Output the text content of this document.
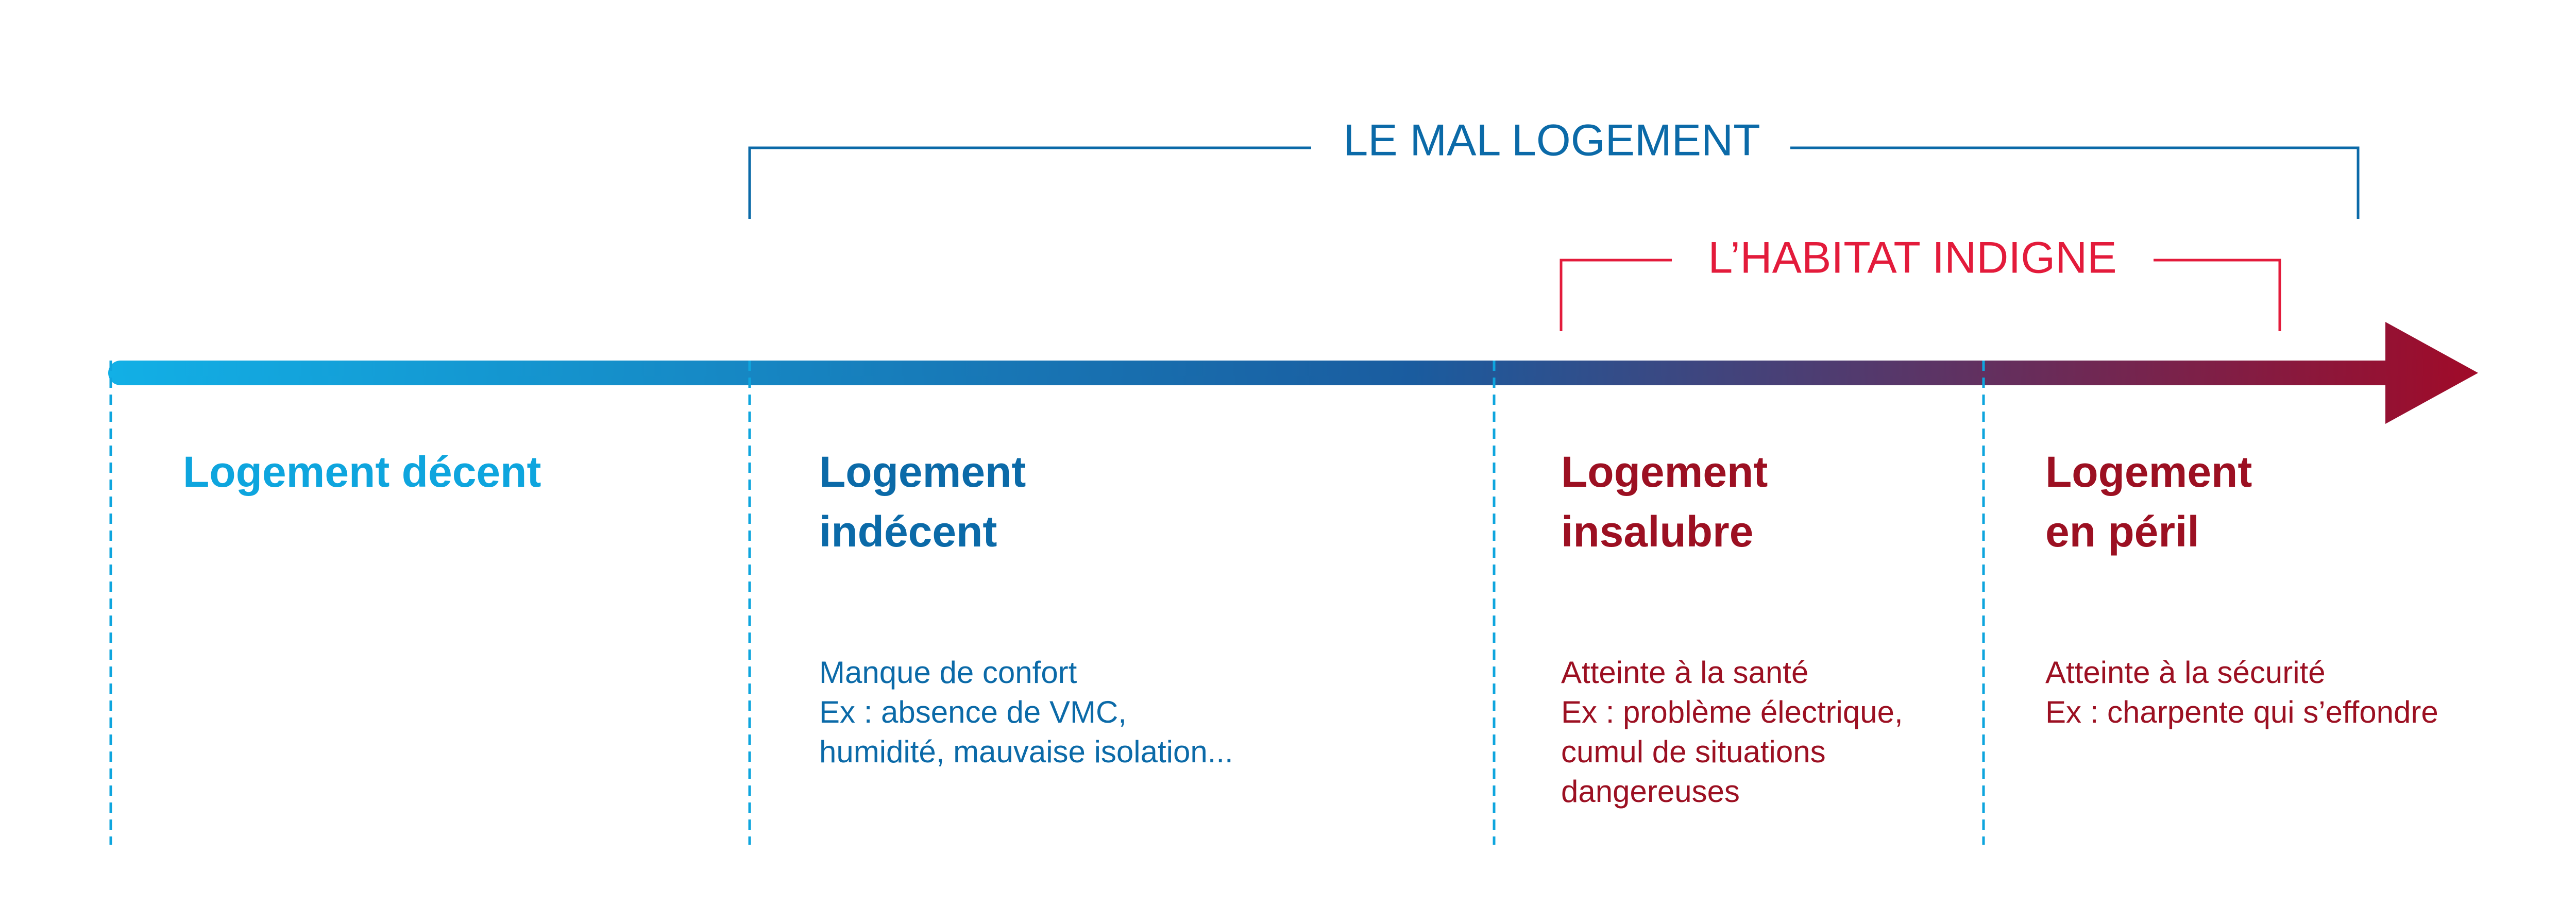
LE MAL LOGEMENT
L’HABITAT INDIGNE
Logement décent	Logement
indécent
Manque de confort
Ex : absence de VMC,
humidité, mauvaise isolation...
Logement
insalubre
Atteinte à la santé
Ex : problème électrique,
cumul de situations
dangereuses
Logement
en péril
Atteinte à la sécurité
Ex : charpente qui s’effondre
